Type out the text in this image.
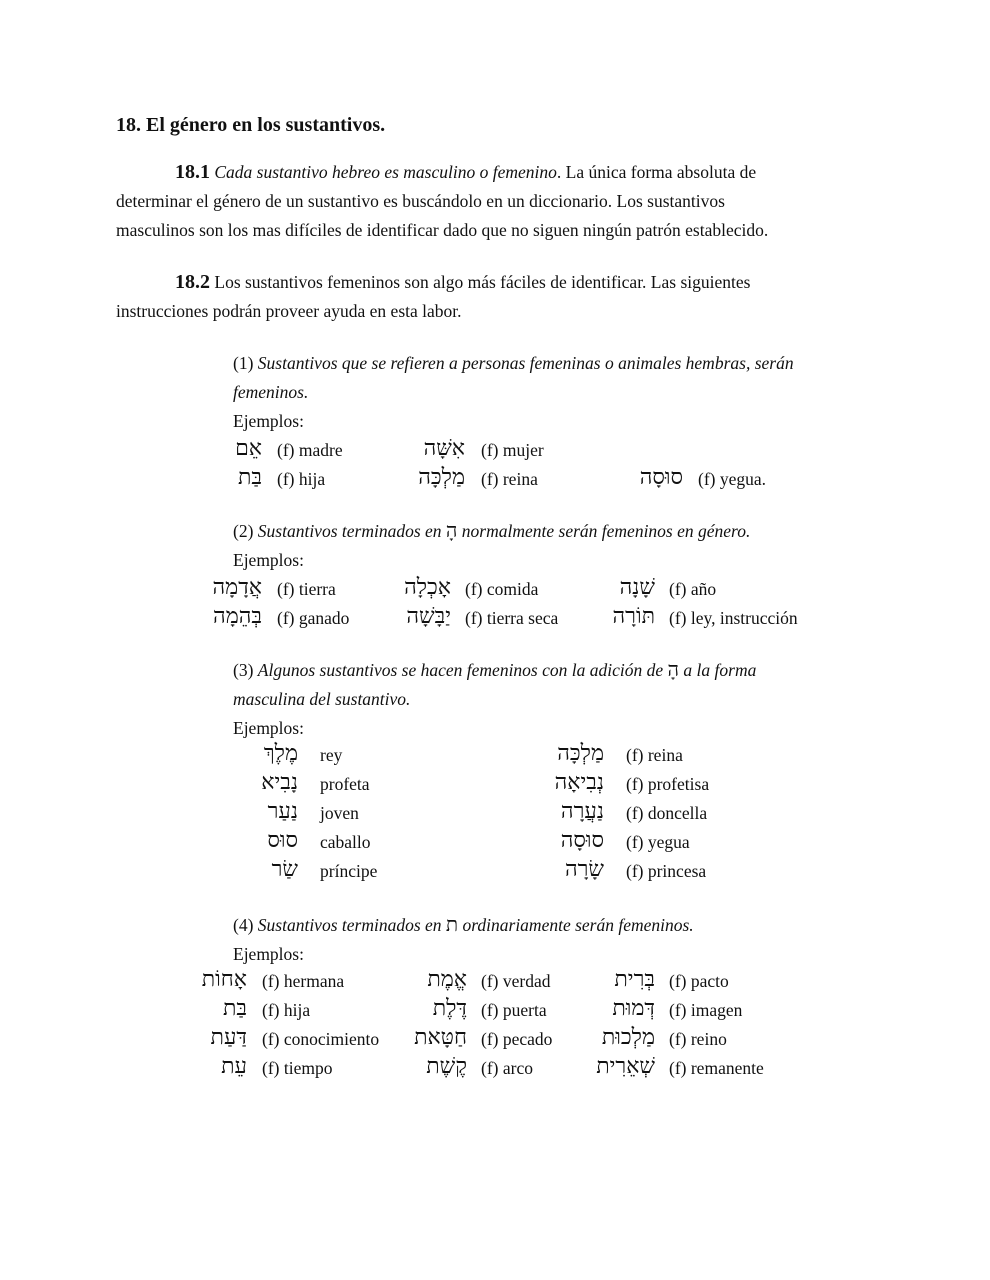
18. El género en los sustantivos.
18.1 Cada sustantivo hebreo es masculino o femenino. La única forma absoluta de
determinar el género de un sustantivo es buscándolo en un diccionario. Los sustantivos
masculinos son los mas difíciles de identificar dado que no siguen ningún patrón establecido.
18.2 Los sustantivos femeninos son algo más fáciles de identificar. Las siguientes
instrucciones podrán proveer ayuda en esta labor.
(1) Sustantivos que se refieren a personas femeninas o animales hembras, serán
femeninos.
Ejemplos:
(2) Sustantivos terminados en הָ normalmente serán femeninos en género.
Ejemplos:
(3) Algunos sustantivos se hacen femeninos con la adición de הָ a la forma
masculina del sustantivo.
Ejemplos:
(4) Sustantivos terminados en ת ordinariamente serán femeninos.
Ejemplos:
אֵם (f) madre	אִשָּׁה (f) mujer
בַּת (f) hija	מַלְכָּה (f) reina	סוּסָה (f) yegua.
אֲדָמָה (f) tierra	אָכְלָה (f) comida	שָׁנָה (f) año
בְּהֵמָה (f) ganado	יַבָּשָׁה (f) tierra seca	תּוֹרָה (f) ley, instrucción
מֶלֶךְ rey	מַלְכָּה (f) reina
נָבִיא profeta	נְבִיאָה (f) profetisa
נַעַר joven	נַעֲרָה (f) doncella
סוּס caballo	סוּסָה (f) yegua
שַׂר príncipe	שָׂרָה (f) princesa
אָחוֹת (f) hermana	אֱמֶת (f) verdad	בְּרִית (f) pacto
בַּת (f) hija	דֶּלֶת (f) puerta	דְּמוּת (f) imagen
דַּעַת (f) conocimiento	חַטָּאת (f) pecado	מַלְכוּת (f) reino
עֵת (f) tiempo	קֶשֶׁת (f) arco	שְׁאֵרִית (f) remanente
